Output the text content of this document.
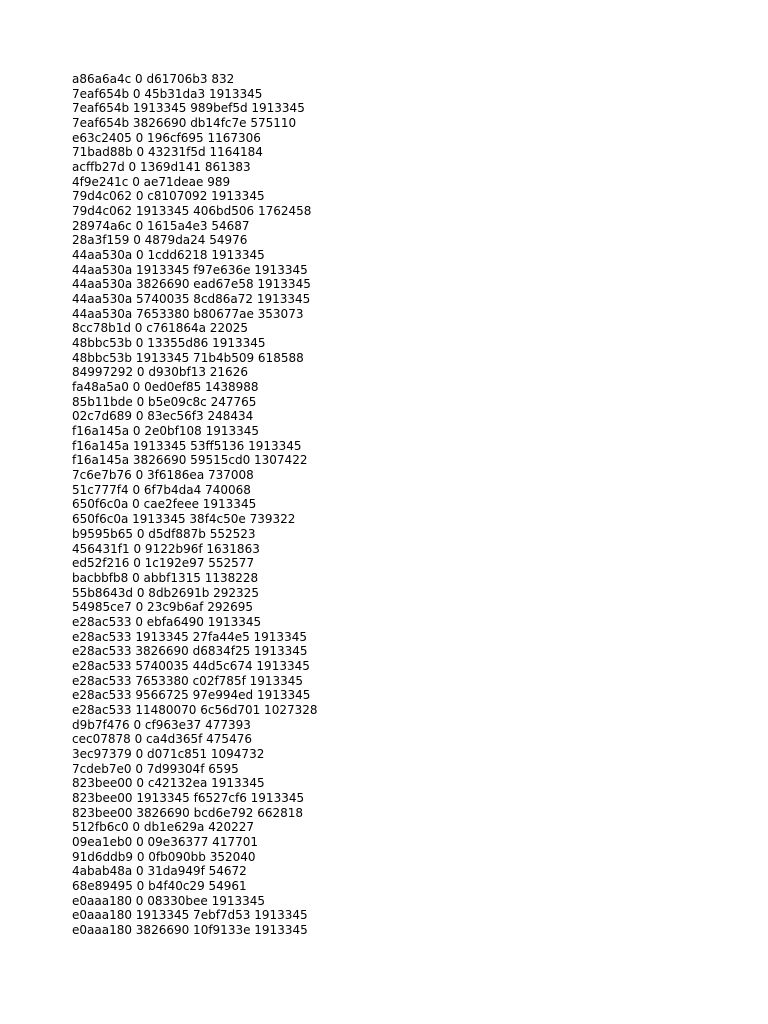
a86a6a4c 0 d61706b3 832
7eaf654b 0 45b31da3 1913345
7eaf654b 1913345 989bef5d 1913345
7eaf654b 3826690 db14fc7e 575110
e63c2405 0 196cf695 1167306
71bad88b 0 43231f5d 1164184
acffb27d 0 1369d141 861383
4f9e241c 0 ae71deae 989
79d4c062 0 c8107092 1913345
79d4c062 1913345 406bd506 1762458
28974a6c 0 1615a4e3 54687
28a3f159 0 4879da24 54976
44aa530a 0 1cdd6218 1913345
44aa530a 1913345 f97e636e 1913345
44aa530a 3826690 ead67e58 1913345
44aa530a 5740035 8cd86a72 1913345
44aa530a 7653380 b80677ae 353073
8cc78b1d 0 c761864a 22025
48bbc53b 0 13355d86 1913345
48bbc53b 1913345 71b4b509 618588
84997292 0 d930bf13 21626
fa48a5a0 0 0ed0ef85 1438988
85b11bde 0 b5e09c8c 247765
02c7d689 0 83ec56f3 248434
f16a145a 0 2e0bf108 1913345
f16a145a 1913345 53ff5136 1913345
f16a145a 3826690 59515cd0 1307422
7c6e7b76 0 3f6186ea 737008
51c777f4 0 6f7b4da4 740068
650f6c0a 0 cae2feee 1913345
650f6c0a 1913345 38f4c50e 739322
b9595b65 0 d5df887b 552523
456431f1 0 9122b96f 1631863
ed52f216 0 1c192e97 552577
bacbbfb8 0 abbf1315 1138228
55b8643d 0 8db2691b 292325
54985ce7 0 23c9b6af 292695
e28ac533 0 ebfa6490 1913345
e28ac533 1913345 27fa44e5 1913345
e28ac533 3826690 d6834f25 1913345
e28ac533 5740035 44d5c674 1913345
e28ac533 7653380 c02f785f 1913345
e28ac533 9566725 97e994ed 1913345
e28ac533 11480070 6c56d701 1027328
d9b7f476 0 cf963e37 477393
cec07878 0 ca4d365f 475476
3ec97379 0 d071c851 1094732
7cdeb7e0 0 7d99304f 6595
823bee00 0 c42132ea 1913345
823bee00 1913345 f6527cf6 1913345
823bee00 3826690 bcd6e792 662818
512fb6c0 0 db1e629a 420227
09ea1eb0 0 09e36377 417701
91d6ddb9 0 0fb090bb 352040
4abab48a 0 31da949f 54672
68e89495 0 b4f40c29 54961
e0aaa180 0 08330bee 1913345
e0aaa180 1913345 7ebf7d53 1913345
e0aaa180 3826690 10f9133e 1913345
